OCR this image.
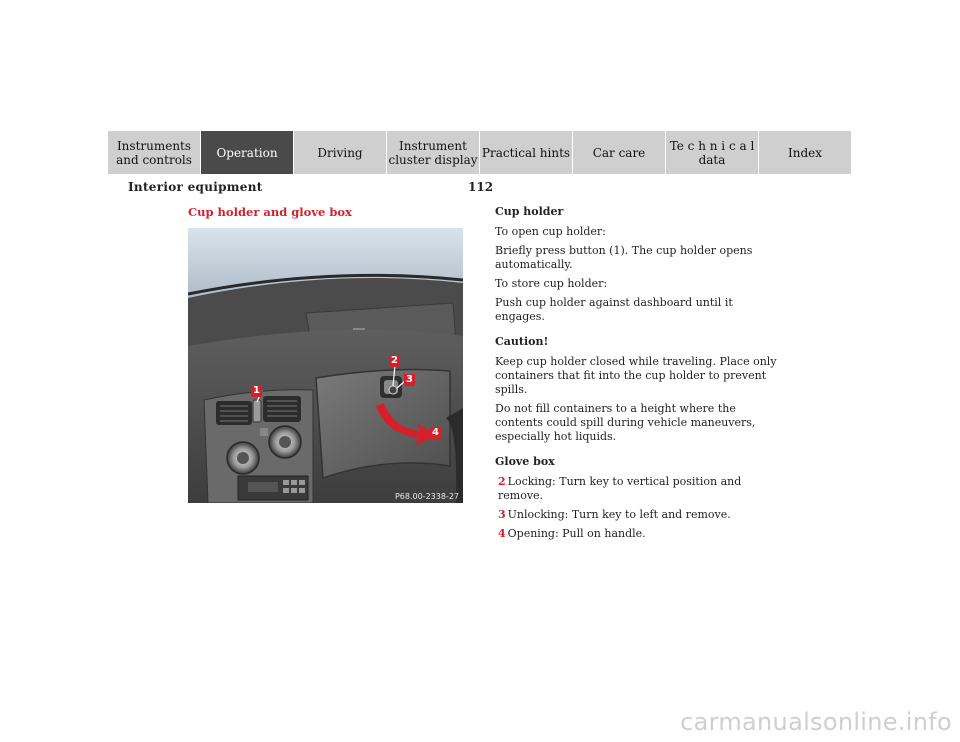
Instruments
and controls	Operation	Driving	Instrument
cluster display Practical hints	Car care	Te c h n i c a l
data	Index
Interior equipment	112
Cup holder and glove box
1
2
3
4
P68.00-2338-27

Cup holder

To open cup holder:

Briefly press button (1). The cup holder opens automatically.

To store cup holder:

Push cup holder against dashboard until it engages.

Caution!

Keep cup holder closed while traveling. Place only containers that fit into the cup holder to prevent spills.

Do not fill containers to a height where the contents could spill during vehicle maneuvers, especially hot liquids.

Glove box

2 Locking: Turn key to vertical position and remove.

3 Unlocking: Turn key to left and remove.

4 Opening: Pull on handle.

carmanualsonline.info
